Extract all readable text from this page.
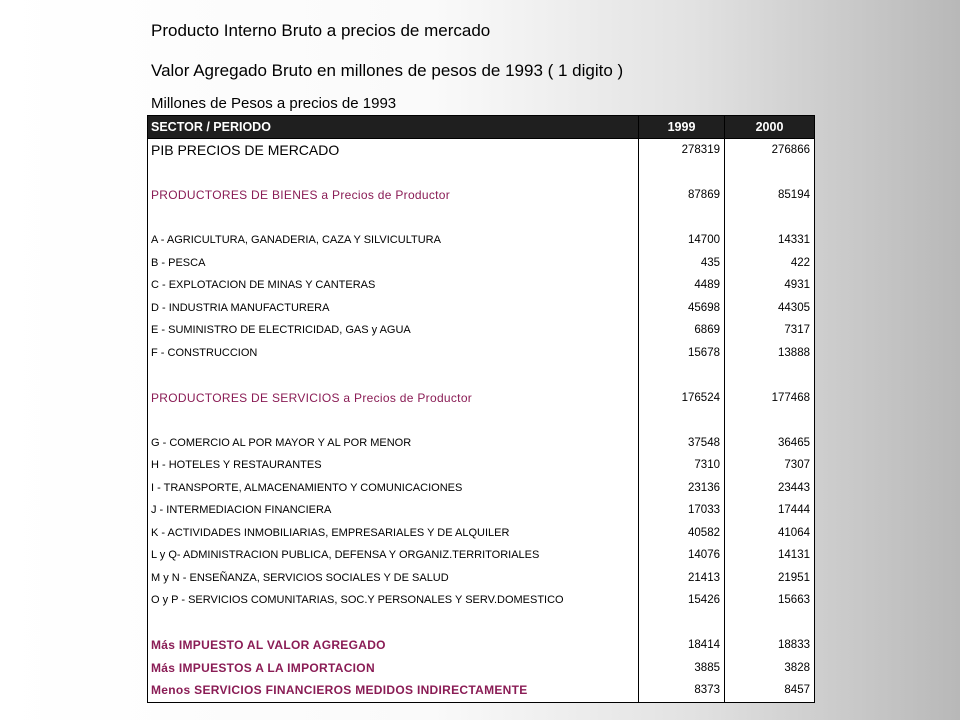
Producto Interno Bruto a precios de mercado
Valor Agregado Bruto en millones de pesos de 1993 ( 1 digito )
Millones de Pesos a precios de 1993
SECTOR / PERIODO	1999	2000
PIB PRECIOS DE MERCADO	278319	276866
PRODUCTORES DE BIENES a Precios de Productor	87869	85194
A - AGRICULTURA, GANADERIA, CAZA Y SILVICULTURA	14700	14331
B - PESCA	435	422
C - EXPLOTACION DE MINAS Y CANTERAS	4489	4931
D - INDUSTRIA MANUFACTURERA	45698	44305
E - SUMINISTRO DE ELECTRICIDAD, GAS y AGUA	6869	7317
F - CONSTRUCCION	15678	13888
PRODUCTORES DE SERVICIOS a Precios de Productor	176524	177468
G - COMERCIO AL POR MAYOR Y AL POR MENOR	37548	36465
H - HOTELES Y RESTAURANTES	7310	7307
I - TRANSPORTE, ALMACENAMIENTO Y COMUNICACIONES	23136	23443
J - INTERMEDIACION FINANCIERA	17033	17444
K - ACTIVIDADES INMOBILIARIAS, EMPRESARIALES Y DE ALQUILER	40582	41064
L y Q- ADMINISTRACION PUBLICA, DEFENSA Y ORGANIZ.TERRITORIALES	14076	14131
M y N - ENSEÑANZA, SERVICIOS SOCIALES Y DE SALUD	21413	21951
O y P - SERVICIOS COMUNITARIAS, SOC.Y PERSONALES Y SERV.DOMESTICO	15426	15663
Más IMPUESTO AL VALOR AGREGADO	18414	18833
Más IMPUESTOS A LA IMPORTACION	3885	3828
Menos SERVICIOS FINANCIEROS MEDIDOS INDIRECTAMENTE	8373	8457
